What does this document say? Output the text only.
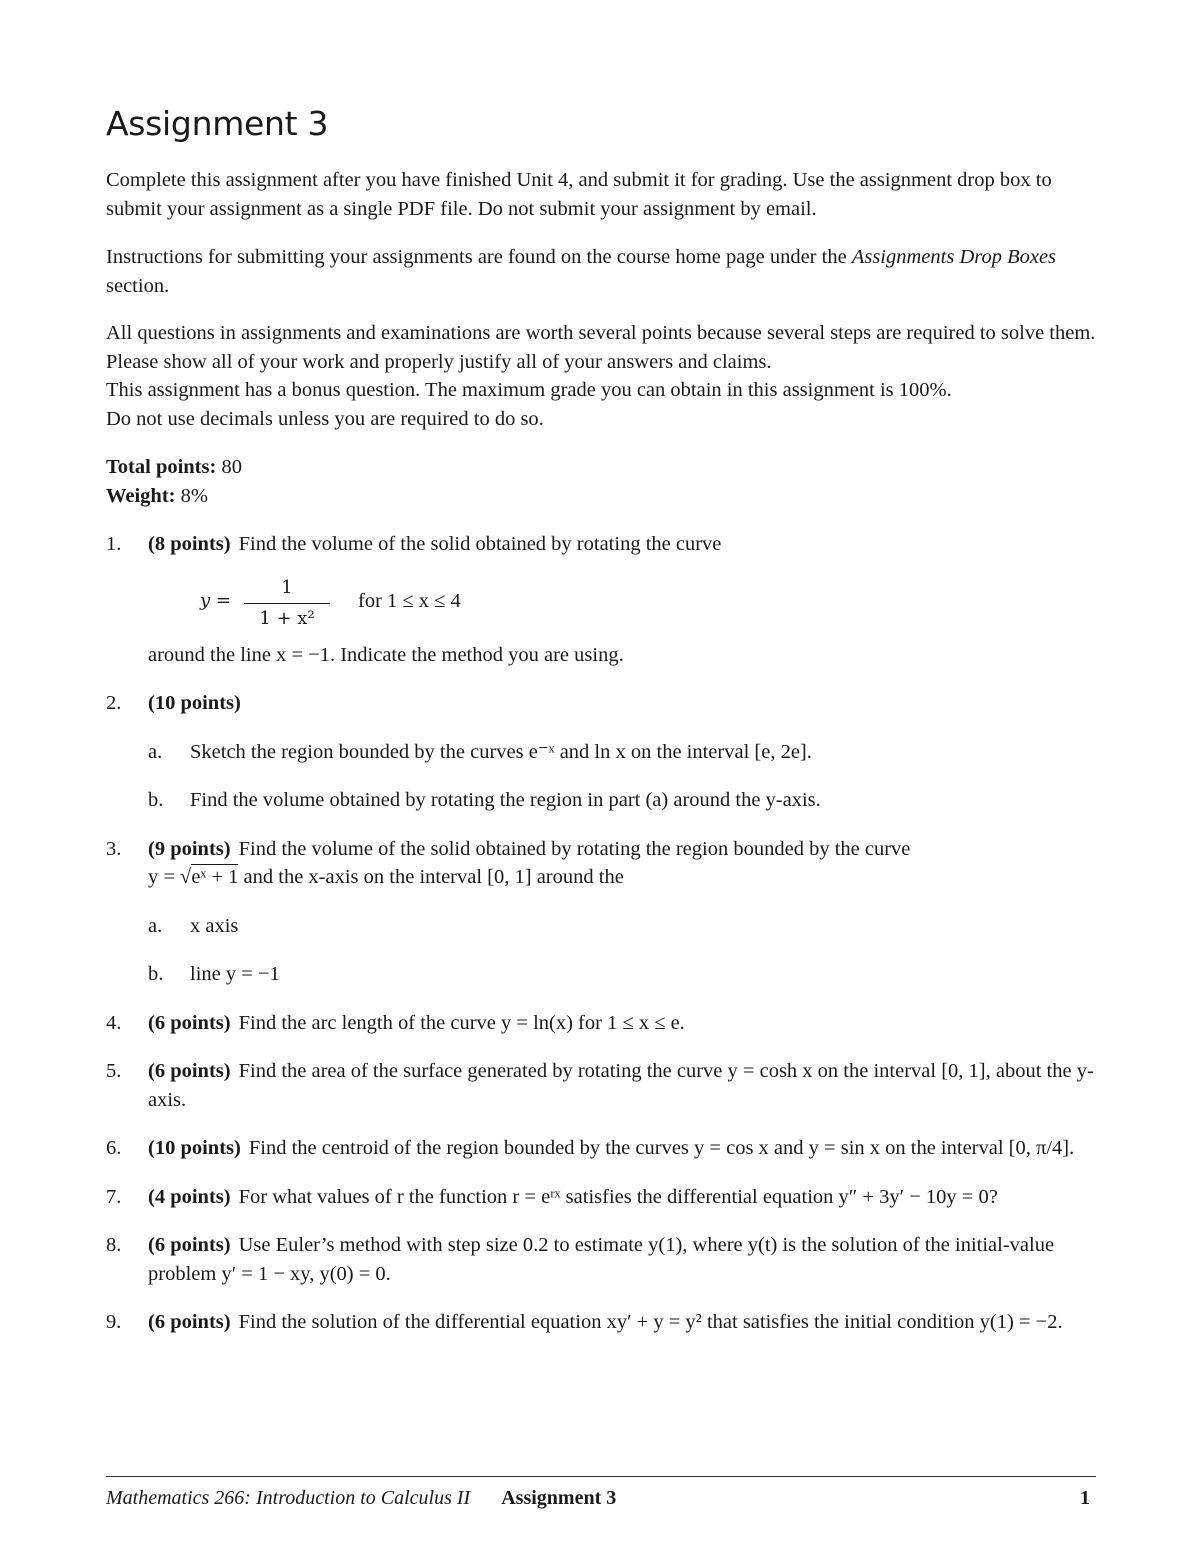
Assignment 3

Complete this assignment after you have finished Unit 4, and submit it for grading. Use the assignment drop box to submit your assignment as a single PDF file. Do not submit your assignment by email.

Instructions for submitting your assignments are found on the course home page under the Assignments Drop Boxes section.

All questions in assignments and examinations are worth several points because several steps are required to solve them. Please show all of your work and properly justify all of your answers and claims.
This assignment has a bonus question. The maximum grade you can obtain in this assignment is 100%.
Do not use decimals unless you are required to do so.

Total points: 80
Weight: 8%

1.	(8 points) Find the volume of the solid obtained by rotating the curve
y =
1
1 + x²
for 1 ≤ x ≤ 4
around the line x = −1. Indicate the method you are using.
2.	(10 points)
a. Sketch the region bounded by the curves e⁻ˣ and ln x on the interval [e, 2e].
b. Find the volume obtained by rotating the region in part (a) around the y-axis.
3.	(9 points) Find the volume of the solid obtained by rotating the region bounded by the curve
y = √eˣ + 1 and the x-axis on the interval [0, 1] around the
a. x axis
b. line y = −1
4.	(6 points) Find the arc length of the curve y = ln(x) for 1 ≤ x ≤ e.
5.	(6 points) Find the area of the surface generated by rotating the curve y = cosh x on the interval [0, 1], about the y- axis.
6.	(10 points) Find the centroid of the region bounded by the curves y = cos x and y = sin x on the interval [0, π/4].
7.	(4 points) For what values of r the function r = eʳˣ satisfies the differential equation y″ + 3y′ − 10y = 0?
8.	(6 points) Use Euler’s method with step size 0.2 to estimate y(1), where y(t) is the solution of the initial-value problem y′ = 1 − xy, y(0) = 0.
9.	(6 points) Find the solution of the differential equation xy′ + y = y² that satisfies the initial condition y(1) = −2.
Mathematics 266: Introduction to Calculus II Assignment 3	1
